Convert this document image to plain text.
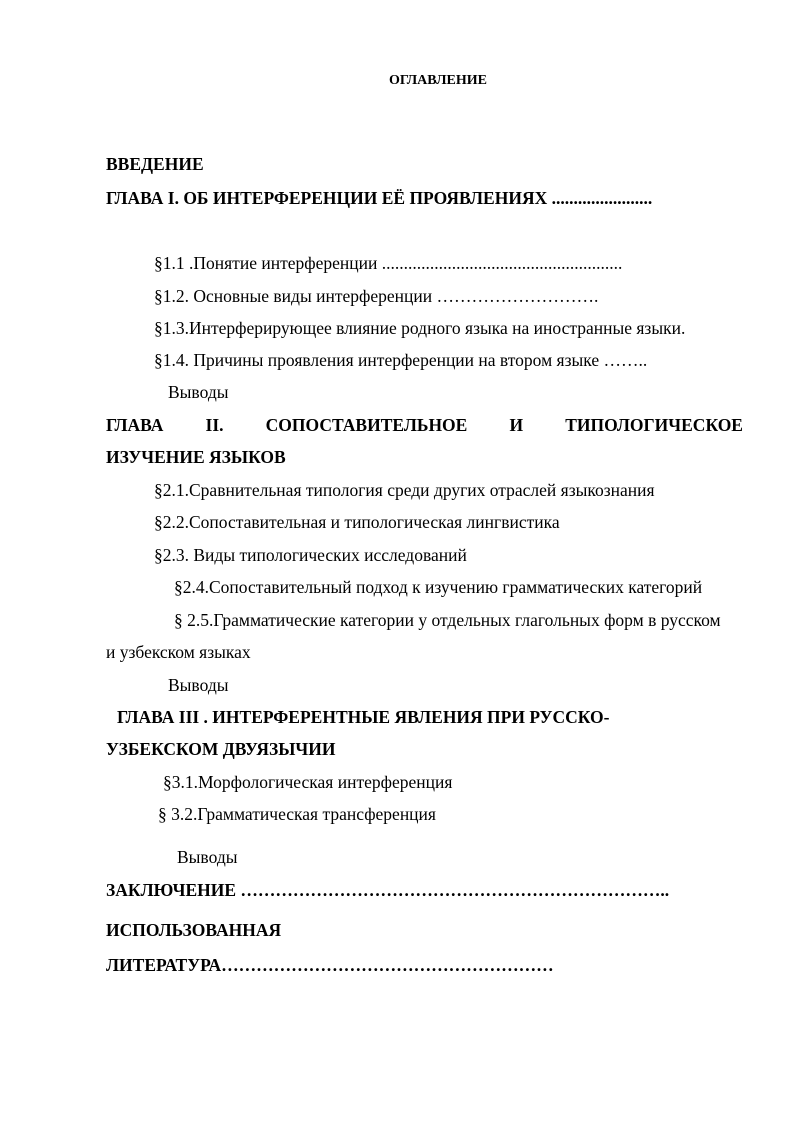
ОГЛАВЛЕНИЕ
ВВЕДЕНИЕ
ГЛАВА I. ОБ ИНТЕРФЕРЕНЦИИ ЕЁ ПРОЯВЛЕНИЯХ .......................
§1.1 .Понятие интерференции .......................................................
§1.2. Основные виды интерференции ……………………….
§1.3.Интерферирующее влияние родного языка на иностранные языки.
§1.4. Причины проявления интерференции на втором языке ……..
Выводы
ГЛАВА II. СОПОСТАВИТЕЛЬНОЕ И ТИПОЛОГИЧЕСКОЕ
ИЗУЧЕНИЕ ЯЗЫКОВ
§2.1.Сравнительная типология среди других отраслей языкознания
§2.2.Сопоставительная и типологическая лингвистика
§2.3. Виды типологических исследований
§2.4.Сопоставительный подход к изучению грамматических категорий
§ 2.5.Грамматические категории у отдельных глагольных форм в русском
и узбекском языках
Выводы
ГЛАВА III . ИНТЕРФЕРЕНТНЫЕ ЯВЛЕНИЯ ПРИ РУССКО-
УЗБЕКСКОМ ДВУЯЗЫЧИИ
§3.1.Морфологическая интерференция
§ 3.2.Грамматическая трансференция
Выводы
ЗАКЛЮЧЕНИЕ ………………………………………………………………..
ИСПОЛЬЗОВАННАЯ
ЛИТЕРАТУРА…………………………………………………
